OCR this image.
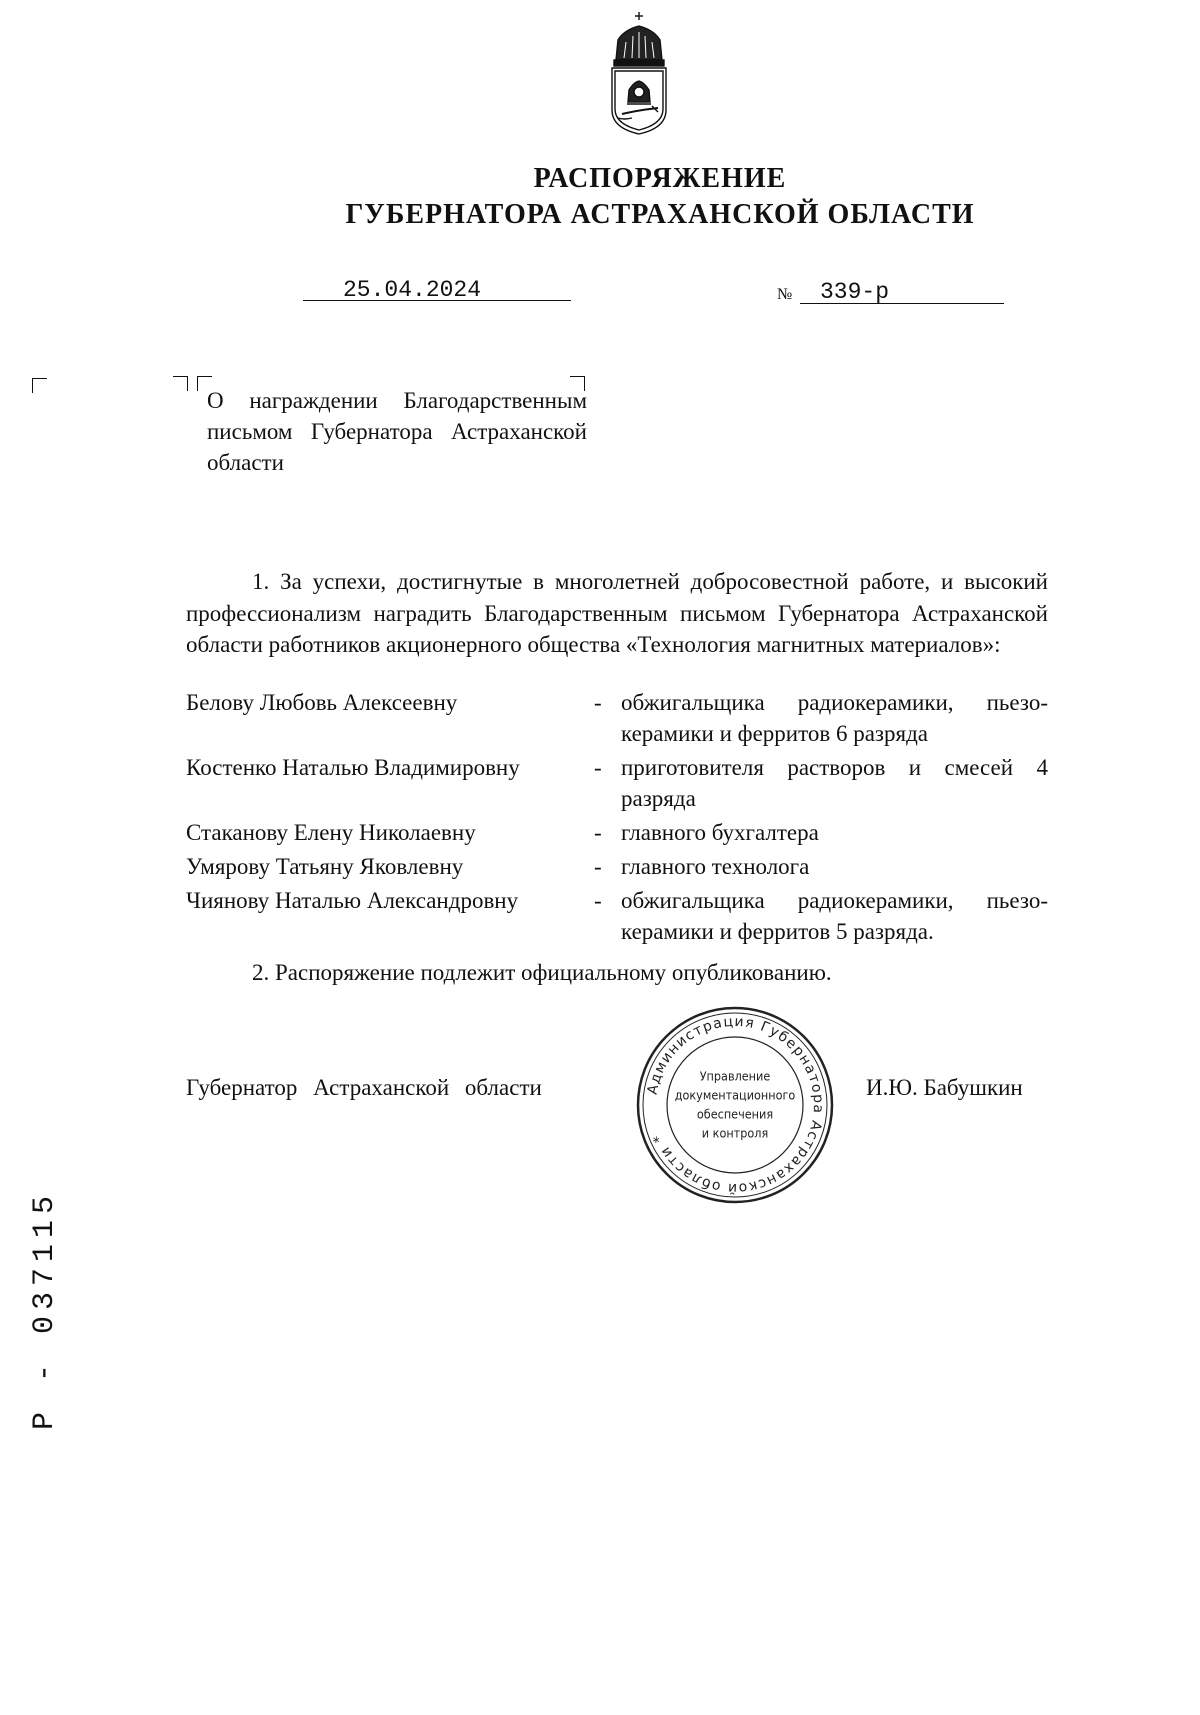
РАСПОРЯЖЕНИЕ
ГУБЕРНАТОРА АСТРАХАНСКОЙ ОБЛАСТИ
25.04.2024	№ 339-р
О награждении Благодарственным письмом Губернатора Астраханской области
1. За успехи, достигнутые в многолетней добросовестной работе, и высокий профессионализм наградить Благодарственным письмом Губернатора Астраханской области работников акционерного общества «Технология магнитных материалов»:
Белову Любовь Алексеевну	- обжигальщика радиокерамики, пьезо-керамики и ферритов 6 разряда
Костенко Наталью Владимировну	- приготовителя растворов и смесей 4 разряда
Стаканову Елену Николаевну	- главного бухгалтера
Умярову Татьяну Яковлевну	- главного технолога
Чиянову Наталью Александровну	- обжигальщика радиокерамики, пьезо-керамики и ферритов 5 разряда.
2. Распоряжение подлежит официальному опубликованию.
Губернатор Астраханской области	И.Ю. Бабушкин
Администрация Губернатора Астраханской области *
Управление документационного обеспечения и контроля
Р - 037115
